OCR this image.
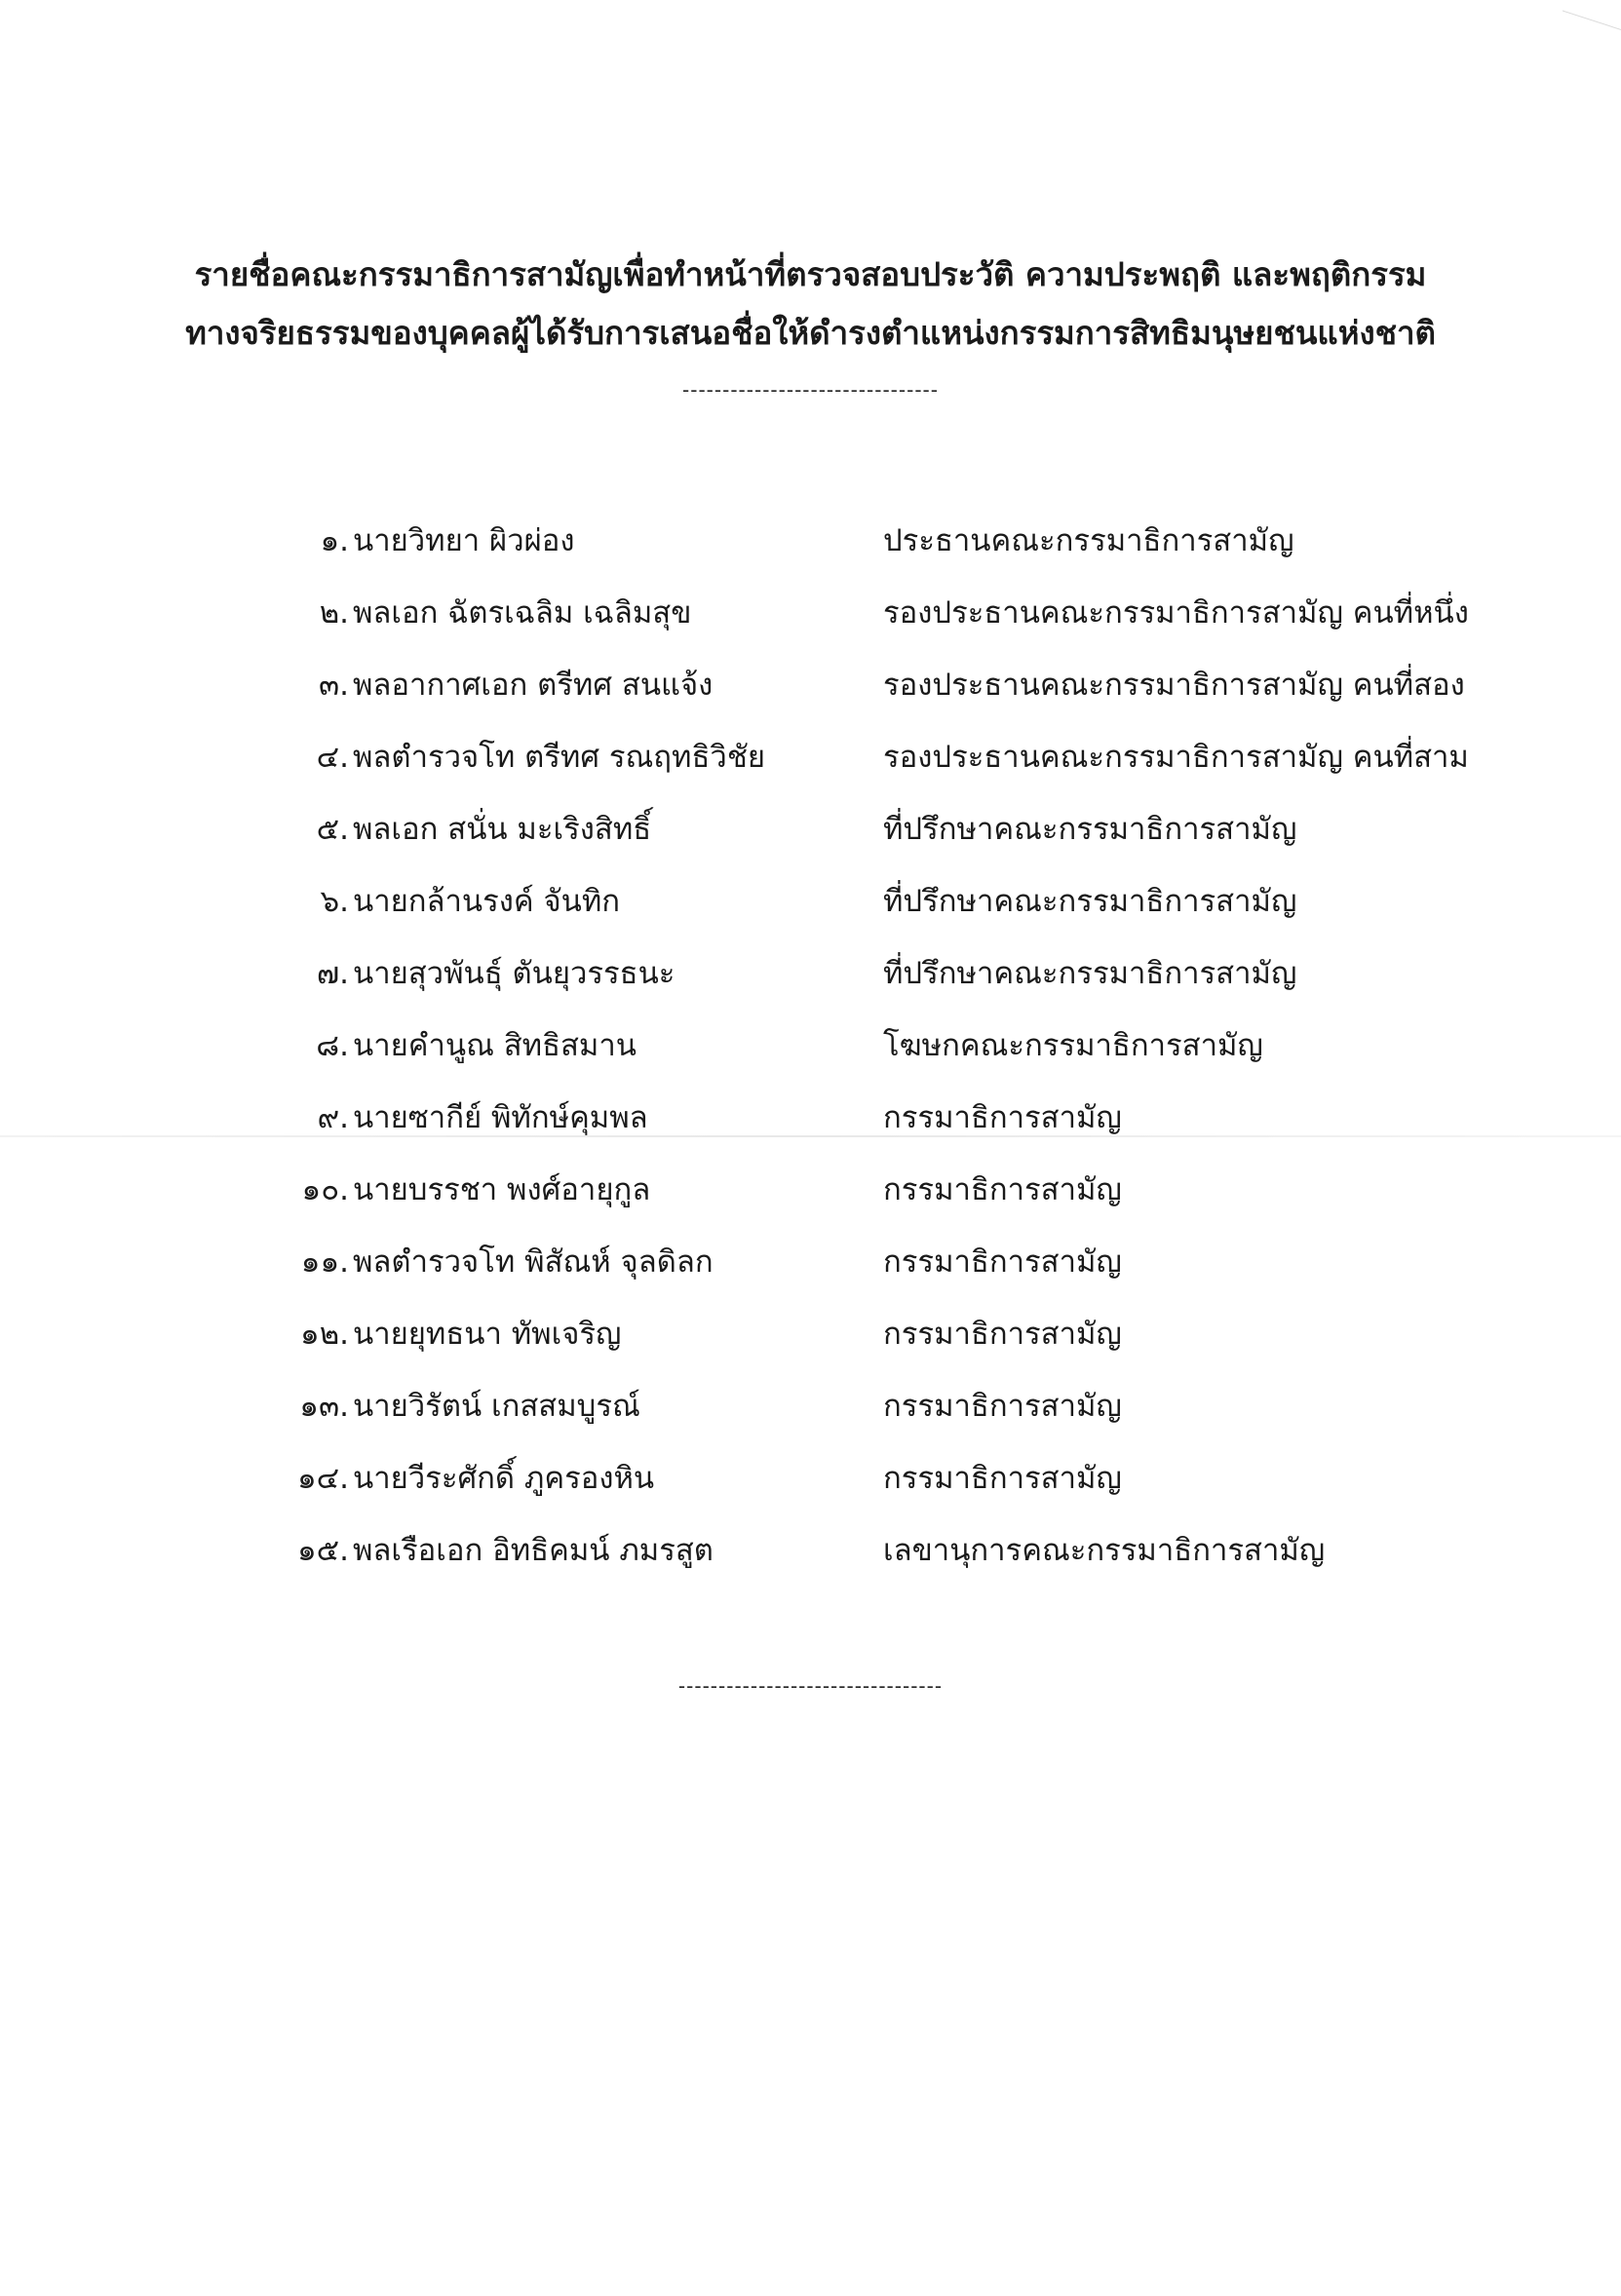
รายชื่อคณะกรรมาธิการสามัญเพื่อทำหน้าที่ตรวจสอบประวัติ ความประพฤติ และพฤติกรรม
ทางจริยธรรมของบุคคลผู้ได้รับการเสนอชื่อให้ดำรงตำแหน่งกรรมการสิทธิมนุษยชนแห่งชาติ
--------------------------------
๑. นายวิทยา ผิวผ่อง	ประธานคณะกรรมาธิการสามัญ
๒. พลเอก ฉัตรเฉลิม เฉลิมสุข	รองประธานคณะกรรมาธิการสามัญ คนที่หนึ่ง
๓. พลอากาศเอก ตรีทศ สนแจ้ง	รองประธานคณะกรรมาธิการสามัญ คนที่สอง
๔. พลตำรวจโท ตรีทศ รณฤทธิวิชัย	รองประธานคณะกรรมาธิการสามัญ คนที่สาม
๕. พลเอก สนั่น มะเริงสิทธิ์	ที่ปรึกษาคณะกรรมาธิการสามัญ
๖. นายกล้านรงค์ จันทิก	ที่ปรึกษาคณะกรรมาธิการสามัญ
๗. นายสุวพันธุ์ ตันยุวรรธนะ	ที่ปรึกษาคณะกรรมาธิการสามัญ
๘. นายคำนูณ สิทธิสมาน	โฆษกคณะกรรมาธิการสามัญ
๙. นายซากีย์ พิทักษ์คุมพล	กรรมาธิการสามัญ
๑๐. นายบรรชา พงศ์อายุกูล	กรรมาธิการสามัญ
๑๑. พลตำรวจโท พิสัณห์ จุลดิลก	กรรมาธิการสามัญ
๑๒. นายยุทธนา ทัพเจริญ	กรรมาธิการสามัญ
๑๓. นายวิรัตน์ เกสสมบูรณ์	กรรมาธิการสามัญ
๑๔. นายวีระศักดิ์ ภูครองหิน	กรรมาธิการสามัญ
๑๕. พลเรือเอก อิทธิคมน์ ภมรสูต	เลขานุการคณะกรรมาธิการสามัญ
---------------------------------
